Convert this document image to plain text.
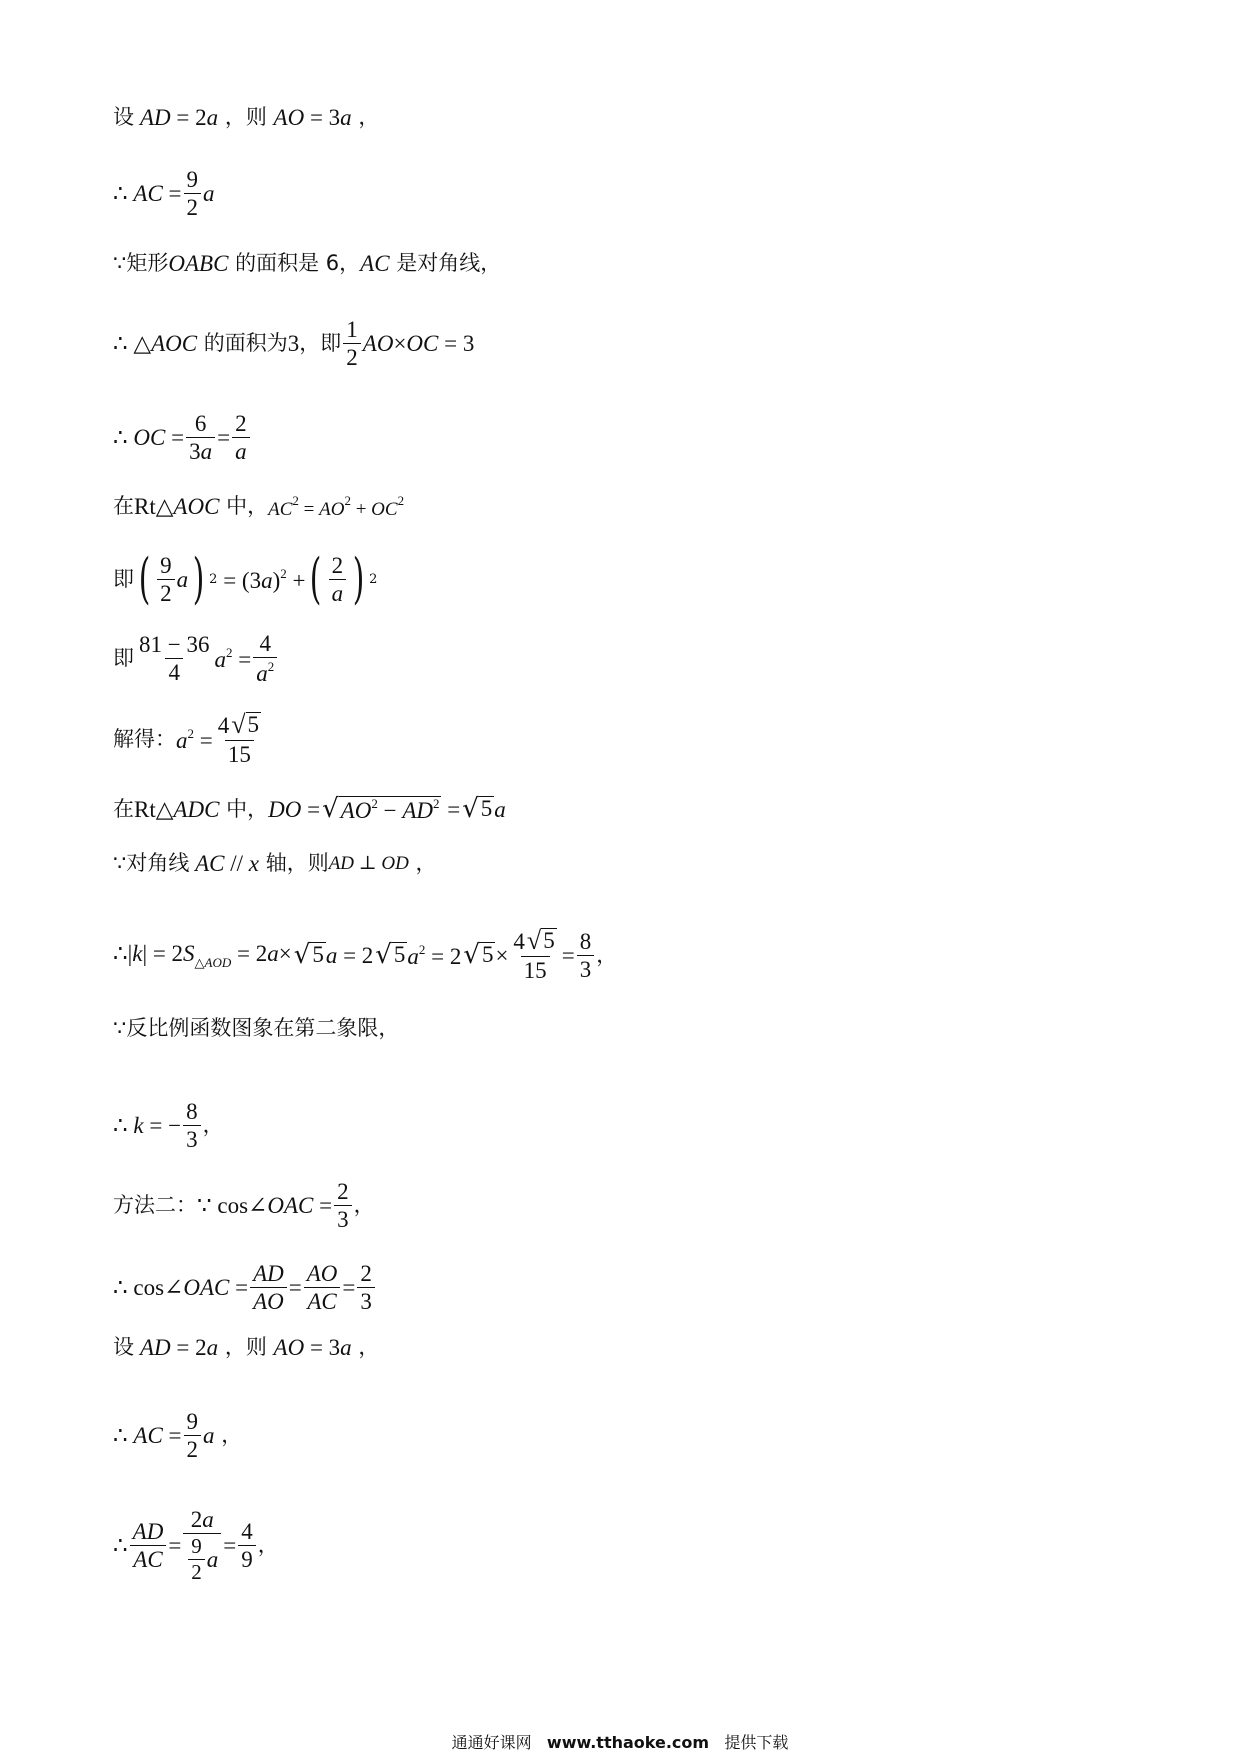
设 AD = 2a ，则 AO = 3a ，
∴ AC = $\frac{9}{2}$ a
∵矩形 OABC 的面积是 6， AC 是对角线，
∴ △AOC 的面积为 3 ，即 $\frac{1}{2} AO\times OC = 3$
∴ OC = $\frac{6}{3a} = \frac{2}{a}$
在 Rt△AOC 中， $AC^2 = AO^2 + OC^2$
即 ( $\frac{9}{2}$ a ) $2 = (3a)^2$ + ( $\frac{2}{a}$ ) 2
即 $\frac{81 - 36}{4} a^2 = \frac{4}{a^2}$
解得： $a^2 = \frac{4 √ 5}{15}$
在 Rt△ADC 中， DO = √ $AO^2 - AD^2$ = √ 5 a
∵对角线 AC // x 轴，则 AD ⊥ OD ，
∴|k| = $2S_{\triangle AOD} = 2a\times$ √ 5 a = 2 √ 5 $a^2 = 2$ √ $5 \times \frac{4 √ 5}{15} = \frac{8}{3}$ ，
∵反比例函数图象在第二象限，
∴ k = − $\frac{8}{3}$ ，
方法二： ∵ cos∠OAC = $\frac{2}{3}$ ，
∴ cos∠OAC = $\frac{AD}{AO} = \frac{AO}{AC} = \frac{2}{3}$
设 AD = 2a ，则 AO = 3a ，
∴ AC = $\frac{9}{2}$ a ，
∴ $\frac{AD}{AC} = \frac{2a}{\frac{9}{2} a} = \frac{4}{9}$ ，
通通好课网 www.tthaoke.com 提供下载
